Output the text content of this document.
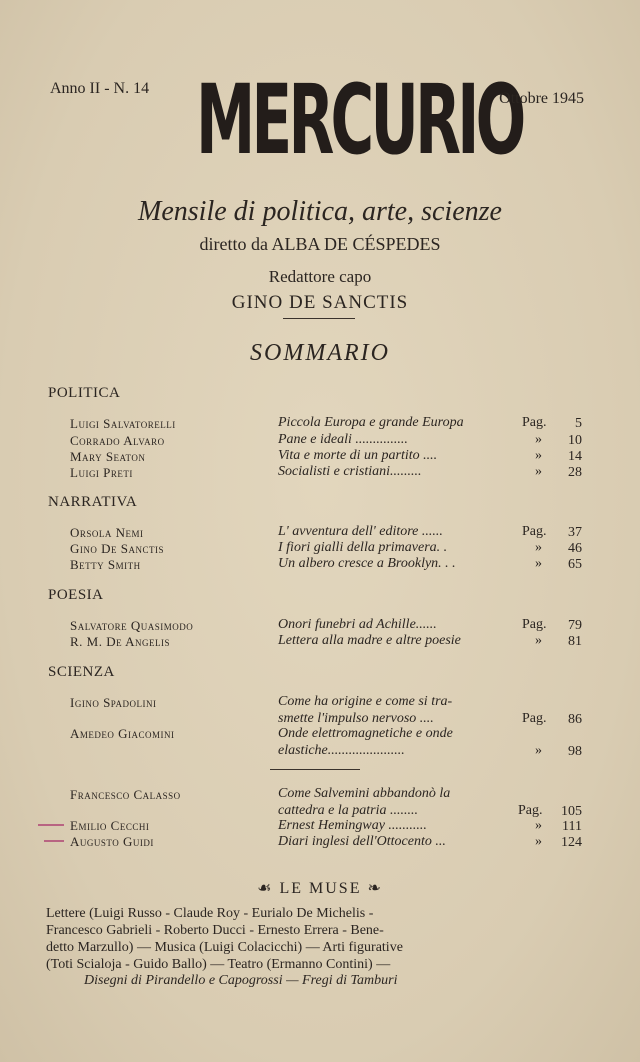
Anno II - N. 14 MERCURIO
Ottobre 1945
Mensile di politica, arte, scienze
diretto da ALBA DE CÉSPEDES
Redattore capo
GINO DE SANCTIS
SOMMARIO
POLITICA
Luigi Salvatorelli	Piccola Europa e grande Europa	Pag. 5
Corrado Alvaro	Pane e ideali ...............	» 10
Mary Seaton	Vita e morte di un partito ....	» 14
Luigi Preti	Socialisti e cristiani.........	» 28
NARRATIVA
Orsola Nemi	L' avventura dell' editore ......	Pag. 37
Gino De Sanctis	I fiori gialli della primavera. .	» 46
Betty Smith	Un albero cresce a Brooklyn. . .	» 65
POESIA
Salvatore Quasimodo	Onori funebri ad Achille......	Pag. 79
R. M. De Angelis	Lettera alla madre e altre poesie	» 81
SCIENZA
Igino Spadolini	Come ha origine e come si tra-
smette l'impulso nervoso ....	Pag. 86
Amedeo Giacomini	Onde elettromagnetiche e onde
elastiche......................	» 98
Francesco Calasso	Come Salvemini abbandonò la
cattedra e la patria ........	Pag. 105
Emilio Cecchi	Ernest Hemingway ...........	» 111
Augusto Guidi	Diari inglesi dell'Ottocento ...	» 124
☙ LE MUSE ❧
Lettere (Luigi Russo - Claude Roy - Eurialo De Michelis -
Francesco Gabrieli - Roberto Ducci - Ernesto Errera - Bene-
detto Marzullo) — Musica (Luigi Colacicchi) — Arti figurative
(Toti Scialoja - Guido Ballo) — Teatro (Ermanno Contini) —
Disegni di Pirandello e Capogrossi — Fregi di Tamburi
